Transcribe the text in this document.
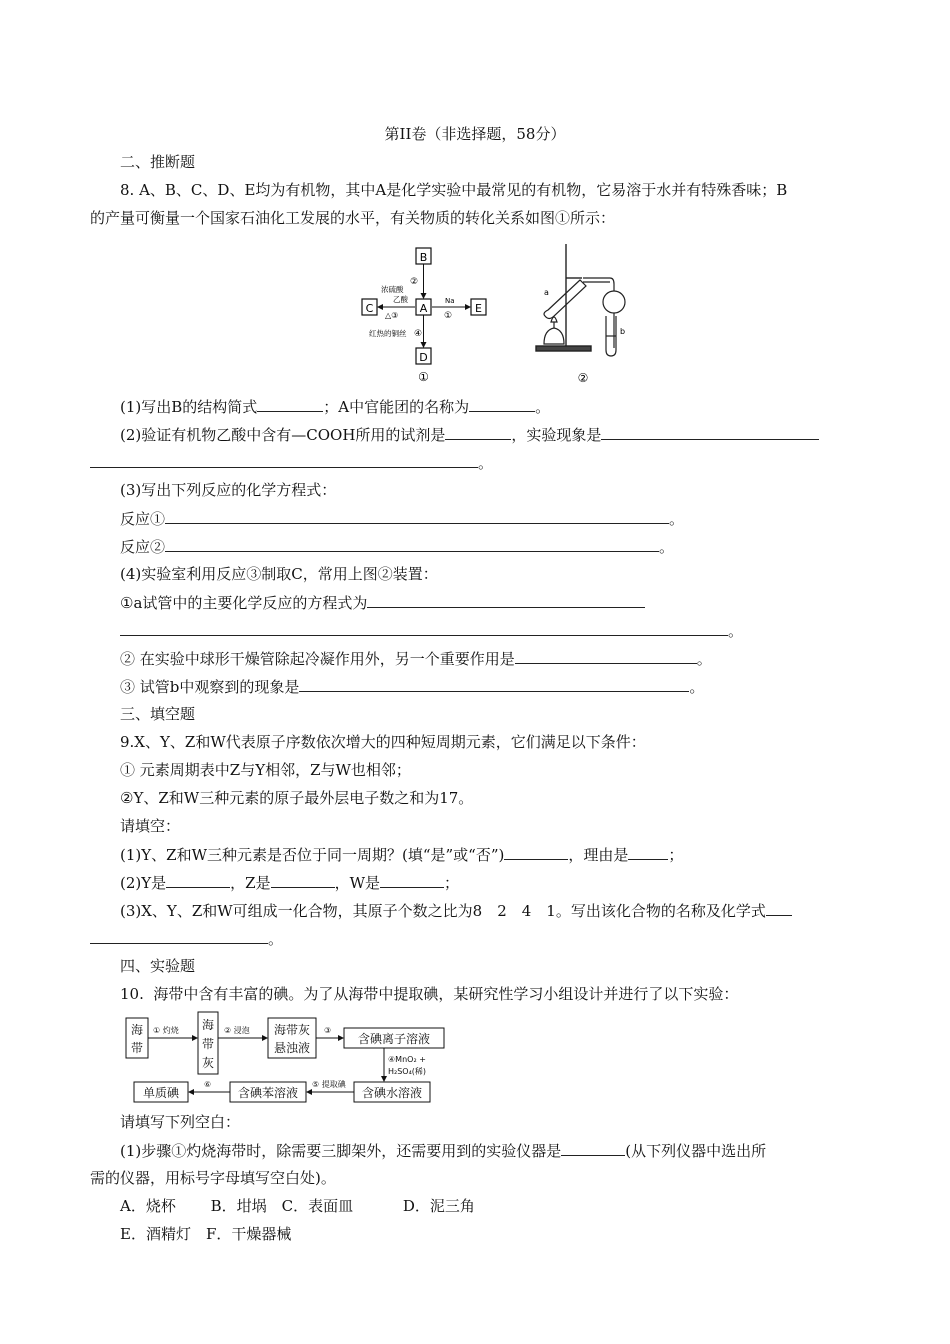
第II卷（非选择题，58分）
二、推断题
8. A、B、C、D、E均为有机物，其中A是化学实验中最常见的有机物，它易溶于水并有特殊香味；B
的产量可衡量一个国家石油化工发展的水平，有关物质的转化关系如图①所示：
B
A
C	E
D
②
浓硫酸
乙酸
△③
Na
①
红热的铜丝 ④
①
a
b
②
(1)写出B的结构简式	；A中官能团的名称为	。
(2)验证有机物乙酸中含有—COOH所用的试剂是	，实验现象是
。
(3)写出下列反应的化学方程式：
反应①	。
反应②	。
(4)实验室利用反应③制取C，常用上图②装置：
①a试管中的主要化学反应的方程式为
。
② 在实验中球形干燥管除起冷凝作用外，另一个重要作用是	。
③ 试管b中观察到的现象是	。
三、填空题
9.X、Y、Z和W代表原子序数依次增大的四种短周期元素，它们满足以下条件：
① 元素周期表中Z与Y相邻，Z与W也相邻；
②Y、Z和W三种元素的原子最外层电子数之和为17。
请填空：
(1)Y、Z和W三种元素是否位于同一周期？(填“是”或“否”)	，理由是	；
(2)Y是	，Z是	，W是	；
(3)X、Y、Z和W可组成一化合物，其原子个数之比为8　2　4　1。写出该化合物的名称及化学式
。
四、实验题
10.  海带中含有丰富的碘。为了从海带中提取碘，某研究性学习小组设计并进行了以下实验：
海
带
海
带
灰
海带灰
悬浊液
含碘离子溶液
含碘水溶液
含碘苯溶液
单质碘
① 灼烧	② 浸泡	③
④MnO₂ +
H₂SO₄(稀)
⑤ 提取碘
⑥
请填写下列空白：
(1)步骤①灼烧海带时，除需要三脚架外，还需要用到的实验仪器是	(从下列仪器中选出所
需的仪器，用标号字母填写空白处)。
A．烧杯　　 B．坩埚　C．表面皿　　　 D．泥三角
E．酒精灯　F．干燥器械
